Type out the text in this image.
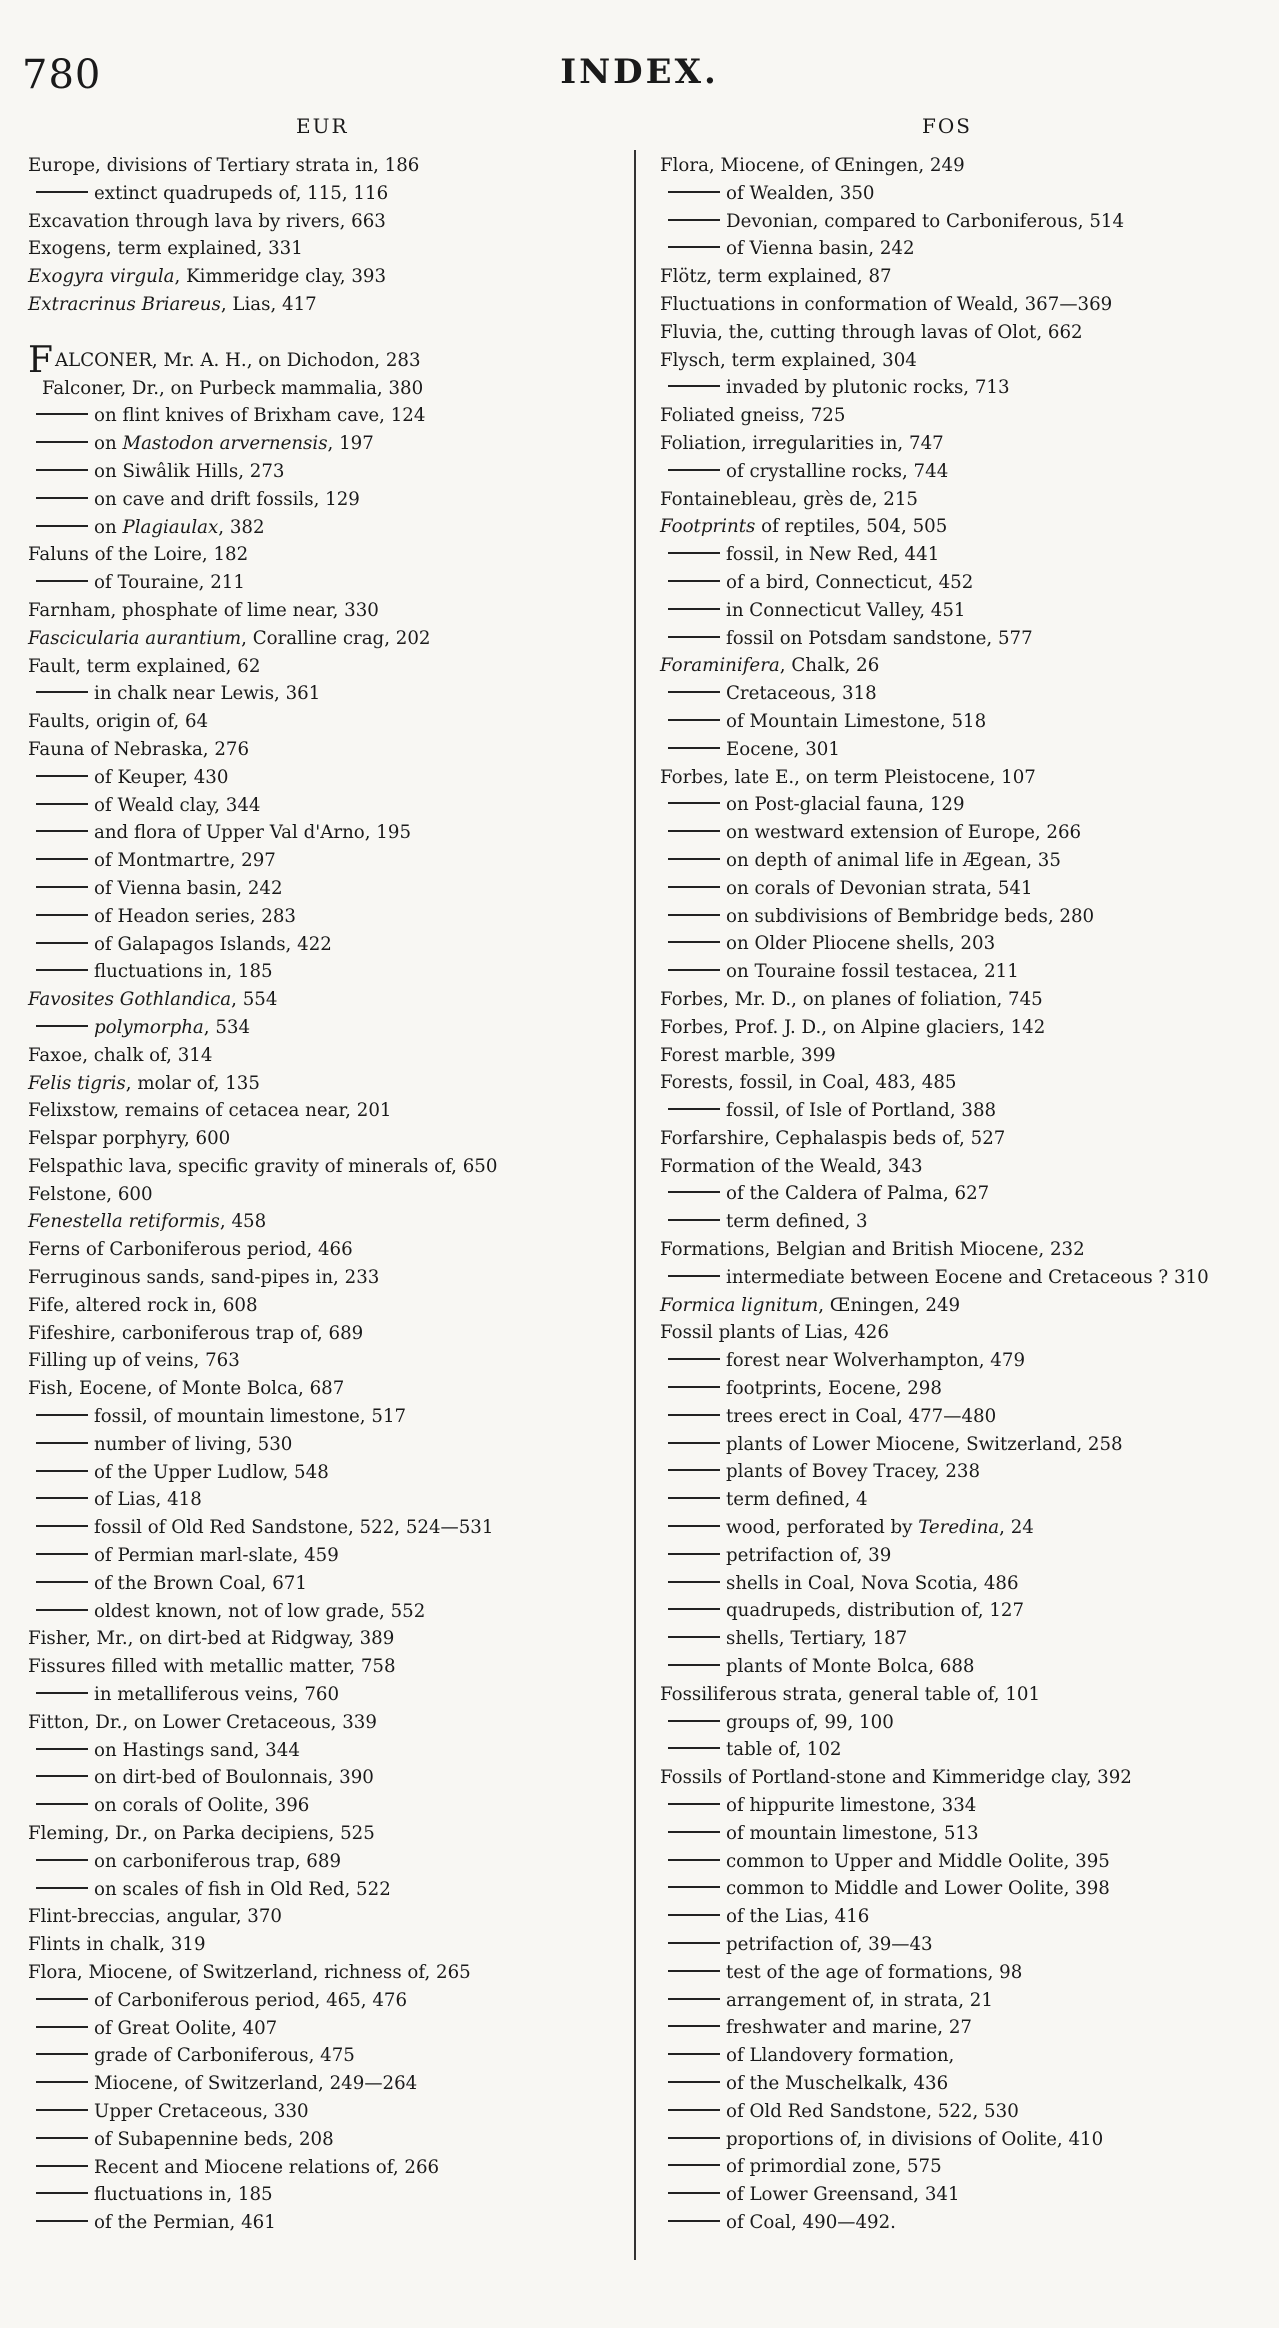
780	INDEX.
EUR	FOS
Europe, divisions of Tertiary strata in, 186
extinct quadrupeds of, 115, 116
Excavation through lava by rivers, 663
Exogens, term explained, 331
Exogyra virgula, Kimmeridge clay, 393
Extracrinus Briareus, Lias, 417
FALCONER, Mr. A. H., on Dichodon, 283
Falconer, Dr., on Purbeck mammalia, 380
on flint knives of Brixham cave, 124
on Mastodon arvernensis, 197
on Siwâlik Hills, 273
on cave and drift fossils, 129
on Plagiaulax, 382
Faluns of the Loire, 182
of Touraine, 211
Farnham, phosphate of lime near, 330
Fascicularia aurantium, Coralline crag, 202
Fault, term explained, 62
in chalk near Lewis, 361
Faults, origin of, 64
Fauna of Nebraska, 276
of Keuper, 430
of Weald clay, 344
and flora of Upper Val d'Arno, 195
of Montmartre, 297
of Vienna basin, 242
of Headon series, 283
of Galapagos Islands, 422
fluctuations in, 185
Favosites Gothlandica, 554
polymorpha, 534
Faxoe, chalk of, 314
Felis tigris, molar of, 135
Felixstow, remains of cetacea near, 201
Felspar porphyry, 600
Felspathic lava, specific gravity of minerals of, 650
Felstone, 600
Fenestella retiformis, 458
Ferns of Carboniferous period, 466
Ferruginous sands, sand-pipes in, 233
Fife, altered rock in, 608
Fifeshire, carboniferous trap of, 689
Filling up of veins, 763
Fish, Eocene, of Monte Bolca, 687
fossil, of mountain limestone, 517
number of living, 530
of the Upper Ludlow, 548
of Lias, 418
fossil of Old Red Sandstone, 522, 524—531
of Permian marl-slate, 459
of the Brown Coal, 671
oldest known, not of low grade, 552
Fisher, Mr., on dirt-bed at Ridgway, 389
Fissures filled with metallic matter, 758
in metalliferous veins, 760
Fitton, Dr., on Lower Cretaceous, 339
on Hastings sand, 344
on dirt-bed of Boulonnais, 390
on corals of Oolite, 396
Fleming, Dr., on Parka decipiens, 525
on carboniferous trap, 689
on scales of fish in Old Red, 522
Flint-breccias, angular, 370
Flints in chalk, 319
Flora, Miocene, of Switzerland, richness of, 265
of Carboniferous period, 465, 476
of Great Oolite, 407
grade of Carboniferous, 475
Miocene, of Switzerland, 249—264
Upper Cretaceous, 330
of Subapennine beds, 208
Recent and Miocene relations of, 266
fluctuations in, 185
of the Permian, 461
Flora, Miocene, of Œningen, 249
of Wealden, 350
Devonian, compared to Carboniferous, 514
of Vienna basin, 242
Flötz, term explained, 87
Fluctuations in conformation of Weald, 367—369
Fluvia, the, cutting through lavas of Olot, 662
Flysch, term explained, 304
invaded by plutonic rocks, 713
Foliated gneiss, 725
Foliation, irregularities in, 747
of crystalline rocks, 744
Fontainebleau, grès de, 215
Footprints of reptiles, 504, 505
fossil, in New Red, 441
of a bird, Connecticut, 452
in Connecticut Valley, 451
fossil on Potsdam sandstone, 577
Foraminifera, Chalk, 26
Cretaceous, 318
of Mountain Limestone, 518
Eocene, 301
Forbes, late E., on term Pleistocene, 107
on Post-glacial fauna, 129
on westward extension of Europe, 266
on depth of animal life in Ægean, 35
on corals of Devonian strata, 541
on subdivisions of Bembridge beds, 280
on Older Pliocene shells, 203
on Touraine fossil testacea, 211
Forbes, Mr. D., on planes of foliation, 745
Forbes, Prof. J. D., on Alpine glaciers, 142
Forest marble, 399
Forests, fossil, in Coal, 483, 485
fossil, of Isle of Portland, 388
Forfarshire, Cephalaspis beds of, 527
Formation of the Weald, 343
of the Caldera of Palma, 627
term defined, 3
Formations, Belgian and British Miocene, 232
intermediate between Eocene and Cretaceous ? 310
Formica lignitum, Œningen, 249
Fossil plants of Lias, 426
forest near Wolverhampton, 479
footprints, Eocene, 298
trees erect in Coal, 477—480
plants of Lower Miocene, Switzerland, 258
plants of Bovey Tracey, 238
term defined, 4
wood, perforated by Teredina, 24
petrifaction of, 39
shells in Coal, Nova Scotia, 486
quadrupeds, distribution of, 127
shells, Tertiary, 187
plants of Monte Bolca, 688
Fossiliferous strata, general table of, 101
groups of, 99, 100
table of, 102
Fossils of Portland-stone and Kimmeridge clay, 392
of hippurite limestone, 334
of mountain limestone, 513
common to Upper and Middle Oolite, 395
common to Middle and Lower Oolite, 398
of the Lias, 416
petrifaction of, 39—43
test of the age of formations, 98
arrangement of, in strata, 21
freshwater and marine, 27
of Llandovery formation,
of the Muschelkalk, 436
of Old Red Sandstone, 522, 530
proportions of, in divisions of Oolite, 410
of primordial zone, 575
of Lower Greensand, 341
of Coal, 490—492.
